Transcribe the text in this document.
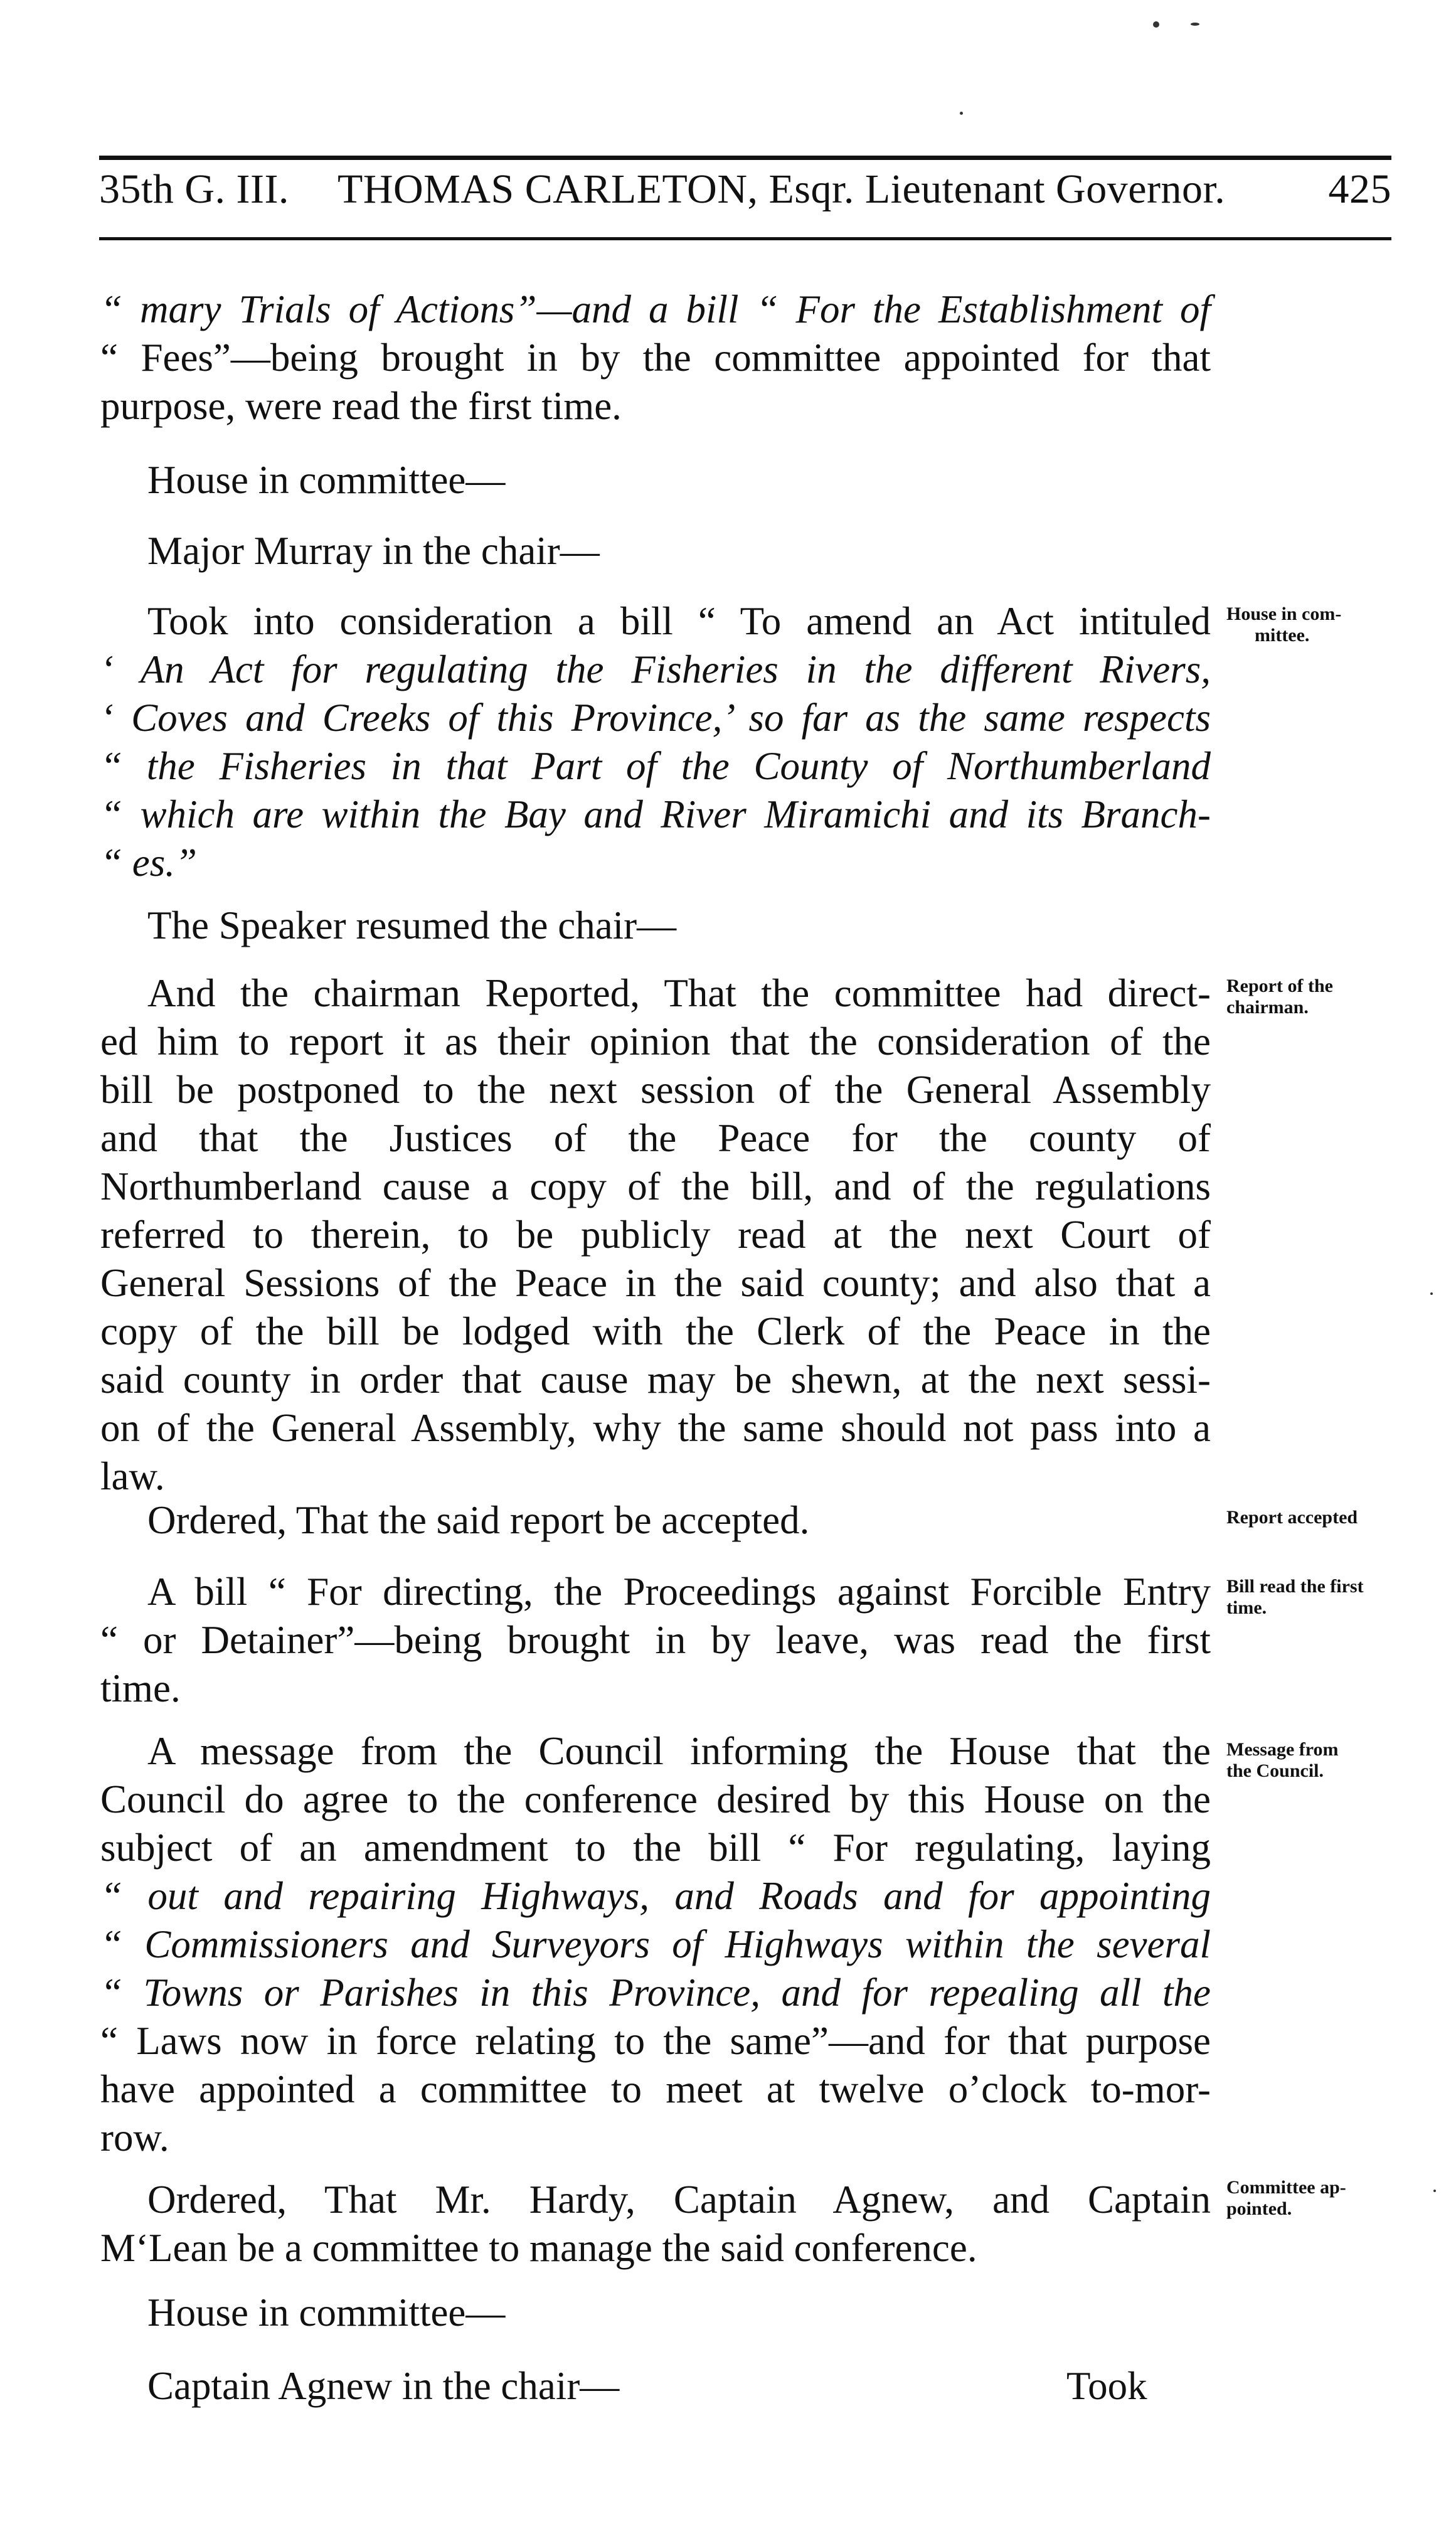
35th G. III. THOMAS CARLETON, Esqr. Lieutenant Governor. 425
“ mary Trials of Actions”—and a bill “ For the Establishment of
“ Fees”—being brought in by the committee appointed for that
purpose, were read the first time.
House in committee—
Major Murray in the chair—
Took into consideration a bill “ To amend an Act intituled
‘ An Act for regulating the Fisheries in the different Rivers,
‘ Coves and Creeks of this Province,’ so far as the same respects
“ the Fisheries in that Part of the County of Northumberland
“ which are within the Bay and River Miramichi and its Branch-
“ es.”
The Speaker resumed the chair—
And the chairman Reported, That the committee had direct-
ed him to report it as their opinion that the consideration of the
bill be postponed to the next session of the General Assembly
and that the Justices of the Peace for the county of
Northumberland cause a copy of the bill, and of the regulations
referred to therein, to be publicly read at the next Court of
General Sessions of the Peace in the said county; and also that a
copy of the bill be lodged with the Clerk of the Peace in the
said county in order that cause may be shewn, at the next sessi-
on of the General Assembly, why the same should not pass into a
law.
Ordered, That the said report be accepted.
A bill “ For directing, the Proceedings against Forcible Entry
“ or Detainer”—being brought in by leave, was read the first
time.
A message from the Council informing the House that the
Council do agree to the conference desired by this House on the
subject of an amendment to the bill “ For regulating, laying
“ out and repairing Highways, and Roads and for appointing
“ Commissioners and Surveyors of Highways within the several
“ Towns or Parishes in this Province, and for repealing all the
“ Laws now in force relating to the same”—and for that purpose
have appointed a committee to meet at twelve o’clock to-mor-
row.
Ordered, That Mr. Hardy, Captain Agnew, and Captain
M‘Lean be a committee to manage the said conference.
House in committee—
Captain Agnew in the chair—	Took
House in com-
mittee.
Report of the
chairman.
Report accepted
Bill read the first
time.
Message from
the Council.
Committee ap-
pointed.
